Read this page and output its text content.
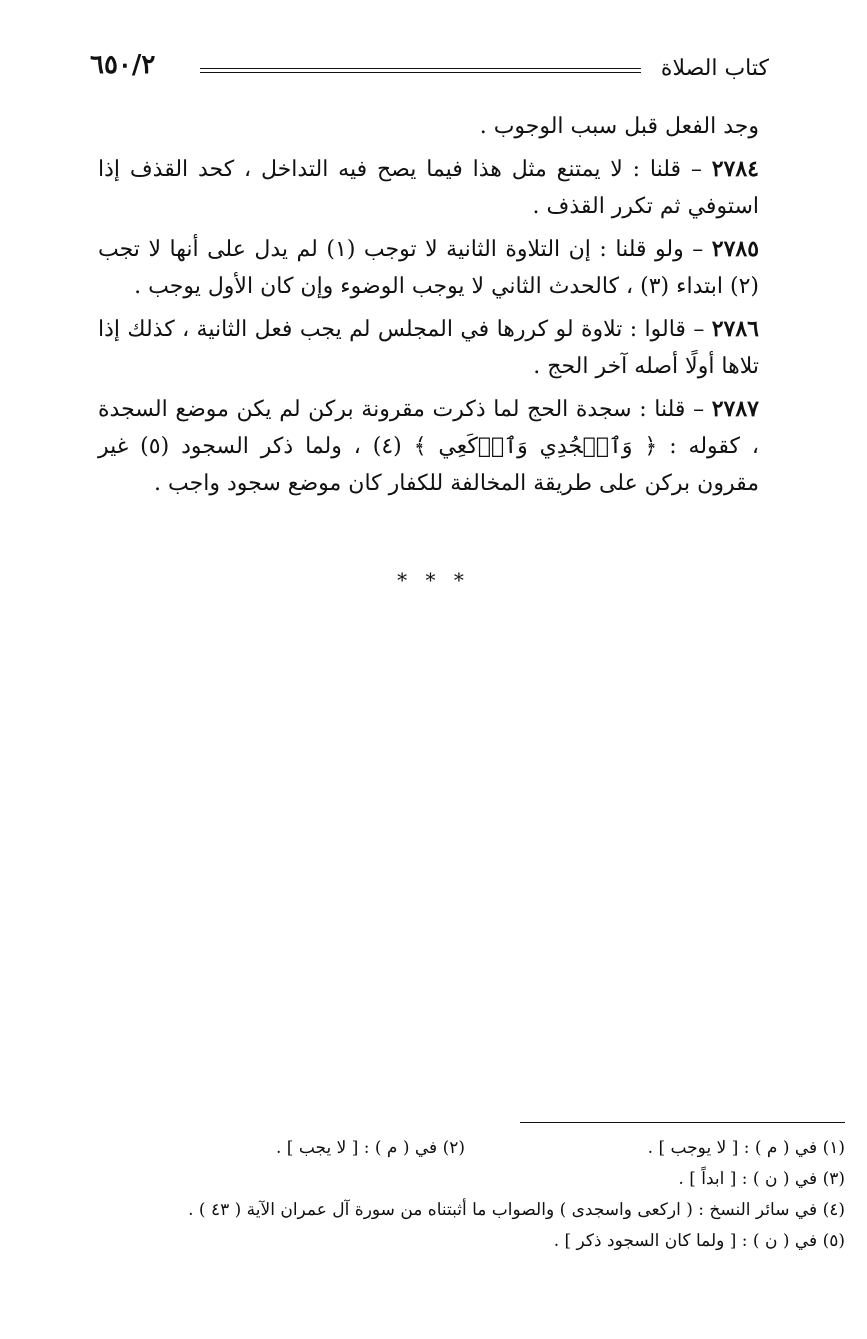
كتاب الصلاة
٦٥٠/٢

وجد الفعل قبل سبب الوجوب .

٢٧٨٤ – قلنا : لا يمتنع مثل هذا فيما يصح فيه التداخل ، كحد القذف إذا استوفي ثم تكرر القذف .

٢٧٨٥ – ولو قلنا : إن التلاوة الثانية لا توجب (١) لم يدل على أنها لا تجب (٢) ابتداء (٣) ، كالحدث الثاني لا يوجب الوضوء وإن كان الأول يوجب .

٢٧٨٦ – قالوا : تلاوة لو كررها في المجلس لم يجب فعل الثانية ، كذلك إذا تلاها أولًا أصله آخر الحج .

٢٧٨٧ – قلنا : سجدة الحج لما ذكرت مقرونة بركن لم يكن موضع السجدة ، كقوله : ﴿ وَٱسۡجُدِي وَٱرۡكَعِي ﴾ (٤) ، ولما ذكر السجود (٥) غير مقرون بركن على طريقة المخالفة للكفار كان موضع سجود واجب .

* * *
(١) في ( م ) : [ لا يوجب ] .
(٢) في ( م ) : [ لا يجب ] .
(٣) في ( ن ) : [ ابداً ] .
(٤) في سائر النسخ : ( اركعى واسجدى ) والصواب ما أثبتناه من سورة آل عمران الآية ( ٤٣ ) .
(٥) في ( ن ) : [ ولما كان السجود ذكر ] .
